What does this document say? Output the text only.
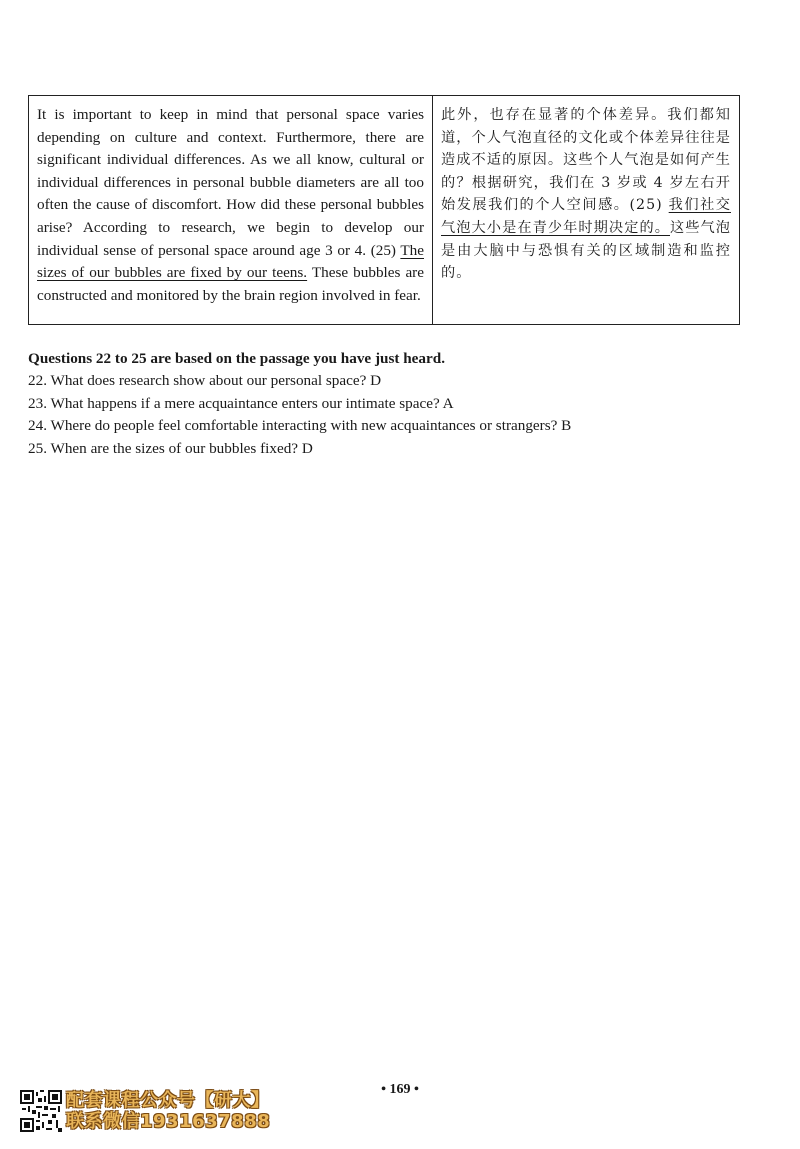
It is important to keep in mind that personal space varies depending on culture and context. Furthermore, there are significant individual differences. As we all know, cultural or individual differences in personal bubble diameters are all too often the cause of discomfort. How did these personal bubbles arise? According to research, we begin to develop our individual sense of personal space around age 3 or 4. (25) The sizes of our bubbles are fixed by our teens. These bubbles are constructed and monitored by the brain region involved in fear.
此外，也存在显著的个体差异。我们都知道，个人气泡直径的文化或个体差异往往是造成不适的原因。这些个人气泡是如何产生的？根据研究，我们在 3 岁或 4 岁左右开始发展我们的个人空间感。(25) 我们社交气泡大小是在青少年时期决定的。这些气泡是由大脑中与恐惧有关的区域制造和监控的。
Questions 22 to 25 are based on the passage you have just heard.
22. What does research show about our personal space? D
23. What happens if a mere acquaintance enters our intimate space? A
24. Where do people feel comfortable interacting with new acquaintances or strangers? B
25. When are the sizes of our bubbles fixed? D
• 169 •
配套课程公众号【研大】
联系微信1931637888
